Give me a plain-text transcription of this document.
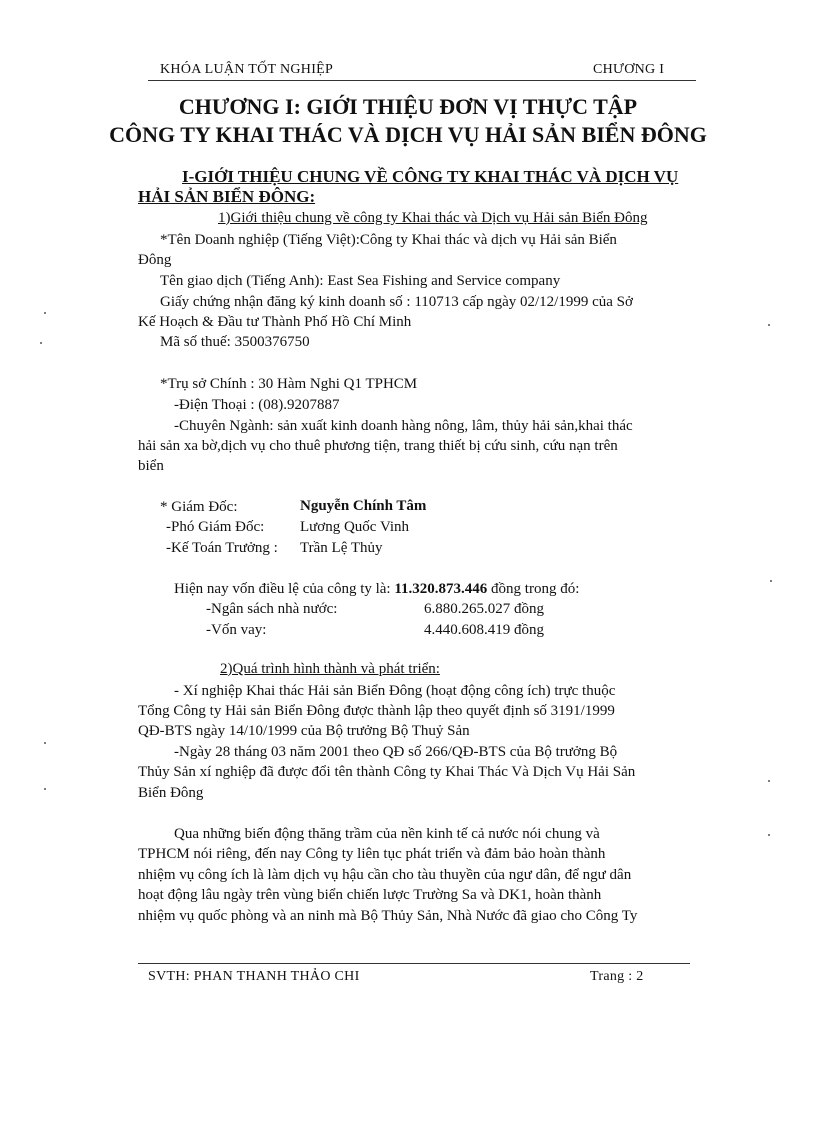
KHÓA LUẬN TỐT NGHIỆP	CHƯƠNG I
CHƯƠNG I: GIỚI THIỆU ĐƠN VỊ THỰC TẬP
CÔNG TY KHAI THÁC VÀ DỊCH VỤ HẢI SẢN BIỂN ĐÔNG
I-GIỚI THIỆU CHUNG VỀ CÔNG TY KHAI THÁC VÀ DỊCH VỤ
HẢI SẢN BIỂN ĐÔNG:
1)Giới thiệu chung về công ty Khai thác và Dịch vụ Hải sản Biển Đông
*Tên Doanh nghiệp (Tiếng Việt):Công ty Khai thác và dịch vụ Hải sản Biển
Đông
Tên giao dịch (Tiếng Anh): East Sea Fishing and Service company
Giấy chứng nhận đăng ký kinh doanh số : 110713 cấp ngày 02/12/1999 của Sở
Kế Hoạch & Đầu tư Thành Phố Hồ Chí Minh
Mã số thuế: 3500376750
*Trụ sở Chính : 30 Hàm Nghi Q1 TPHCM
-Điện Thoại : (08).9207887
-Chuyên Ngành: sản xuất kinh doanh hàng nông, lâm, thủy hải sản,khai thác
hải sản xa bờ,dịch vụ cho thuê phương tiện, trang thiết bị cứu sinh, cứu nạn trên
biển
* Giám Đốc:	Nguyễn Chính Tâm
-Phó Giám Đốc: Lương Quốc Vinh
-Kế Toán Trưởng : Trần Lệ Thủy
Hiện nay vốn điều lệ của công ty là: 11.320.873.446 đồng trong đó:
-Ngân sách nhà nước:	6.880.265.027 đồng
-Vốn vay:	4.440.608.419 đồng
2)Quá trình hình thành và phát triển:
- Xí nghiệp Khai thác Hải sản Biển Đông (hoạt động công ích) trực thuộc
Tổng Công ty Hải sản Biển Đông được thành lập theo quyết định số 3191/1999
QĐ-BTS ngày 14/10/1999 của Bộ trưởng Bộ Thuỷ Sản
-Ngày 28 tháng 03 năm 2001 theo QĐ số 266/QĐ-BTS của Bộ trưởng Bộ
Thủy Sản xí nghiệp đã được đổi tên thành Công ty Khai Thác Và Dịch Vụ Hải Sản
Biển Đông
Qua những biến động thăng trầm của nền kinh tế cả nước nói chung và
TPHCM nói riêng, đến nay Công ty liên tục phát triển và đảm bảo hoàn thành
nhiệm vụ công ích là làm dịch vụ hậu cần cho tàu thuyền của ngư dân, để ngư dân
hoạt động lâu ngày trên vùng biển chiến lược Trường Sa và DK1, hoàn thành
nhiệm vụ quốc phòng và an ninh mà Bộ Thủy Sản, Nhà Nước đã giao cho Công Ty
SVTH: PHAN THANH THẢO CHI	Trang : 2
